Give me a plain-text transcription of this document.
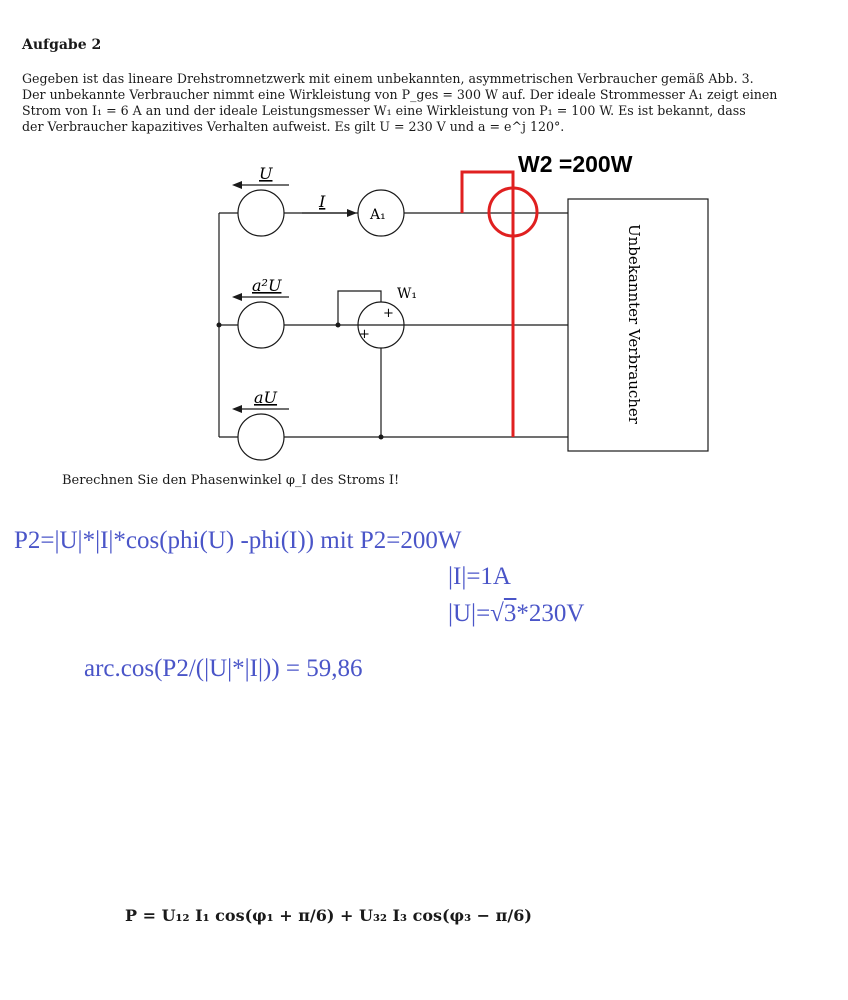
Aufgabe 2
Gegeben ist das lineare Drehstromnetzwerk mit einem unbekannten, asymmetrischen Verbraucher gemäß Abb. 3.
Der unbekannte Verbraucher nimmt eine Wirkleistung von P_ges = 300 W auf. Der ideale Strommesser A₁ zeigt einen
Strom von I₁ = 6 A an und der ideale Leistungsmesser W₁ eine Wirkleistung von P₁ = 100 W. Es ist bekannt, dass
der Verbraucher kapazitives Verhalten aufweist. Es gilt U = 230 V und a = e^j 120°.
U
a²U
aU
I
A₁
W₁
+
+	Unbekannter Verbraucher
W2 =200W
Berechnen Sie den Phasenwinkel φ_I des Stroms I!
P2=|U|*|I|*cos(phi(U) -phi(I)) mit P2=200W
|I|=1A
|U|=√3*230V
arc.cos(P2/(|U|*|I|)) = 59,86
P = U₁₂ I₁ cos(φ₁ + π/6) + U₃₂ I₃ cos(φ₃ − π/6)
